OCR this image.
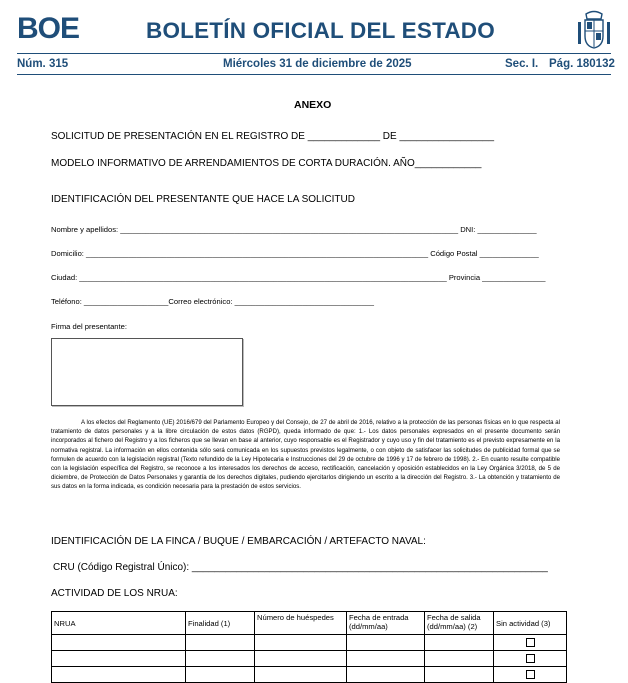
BOE	BOLETÍN OFICIAL DEL ESTADO
Núm. 315	Miércoles 31 de diciembre de 2025	Sec. I. Pág. 180132
ANEXO
SOLICITUD DE PRESENTACIÓN EN EL REGISTRO DE _____________ DE _________________
MODELO INFORMATIVO DE ARRENDAMIENTOS DE CORTA DURACIÓN. AÑO____________
IDENTIFICACIÓN DEL PRESENTANTE QUE HACE LA SOLICITUD
Nombre y apellidos: ________________________________________________________________________________ DNI: ______________
Domicilio: _________________________________________________________________________________ Código Postal ______________
Ciudad: _______________________________________________________________________________________ Provincia _______________
Teléfono: ____________________Correo electrónico: _________________________________
Firma del presentante:
A los efectos del Reglamento (UE) 2016/679 del Parlamento Europeo y del Consejo, de 27 de abril de 2016, relativo a la protección de las personas físicas en lo que respecta al tratamiento de datos personales y a la libre circulación de estos datos (RGPD), queda informado de que: 1.- Los datos personales expresados en el presente documento serán incorporados al fichero del Registro y a los ficheros que se llevan en base al anterior, cuyo responsable es el Registrador y cuyo uso y fin del tratamiento es el previsto expresamente en la normativa registral. La información en ellos contenida sólo será comunicada en los supuestos previstos legalmente, o con objeto de satisfacer las solicitudes de publicidad formal que se formulen de acuerdo con la legislación registral (Texto refundido de la Ley Hipotecaria e Instrucciones del 29 de octubre de 1996 y 17 de febrero de 1998). 2.- En cuanto resulte compatible con la legislación específica del Registro, se reconoce a los interesados los derechos de acceso, rectificación, cancelación y oposición establecidos en la Ley Orgánica 3/2018, de 5 de diciembre, de Protección de Datos Personales y garantía de los derechos digitales, pudiendo ejercitarlos dirigiendo un escrito a la dirección del Registro. 3.- La obtención y tratamiento de sus datos en la forma indicada, es condición necesaria para la prestación de estos servicios.
IDENTIFICACIÓN DE LA FINCA / BUQUE / EMBARCACIÓN / ARTEFACTO NAVAL:
CRU (Código Registral Único): ________________________________________________________________
ACTIVIDAD DE LOS NRUA:
NRUA	Finalidad (1)	Número de huéspedes	Fecha de entrada (dd/mm/aa)	Fecha de salida (dd/mm/aa) (2)	Sin actividad (3)
